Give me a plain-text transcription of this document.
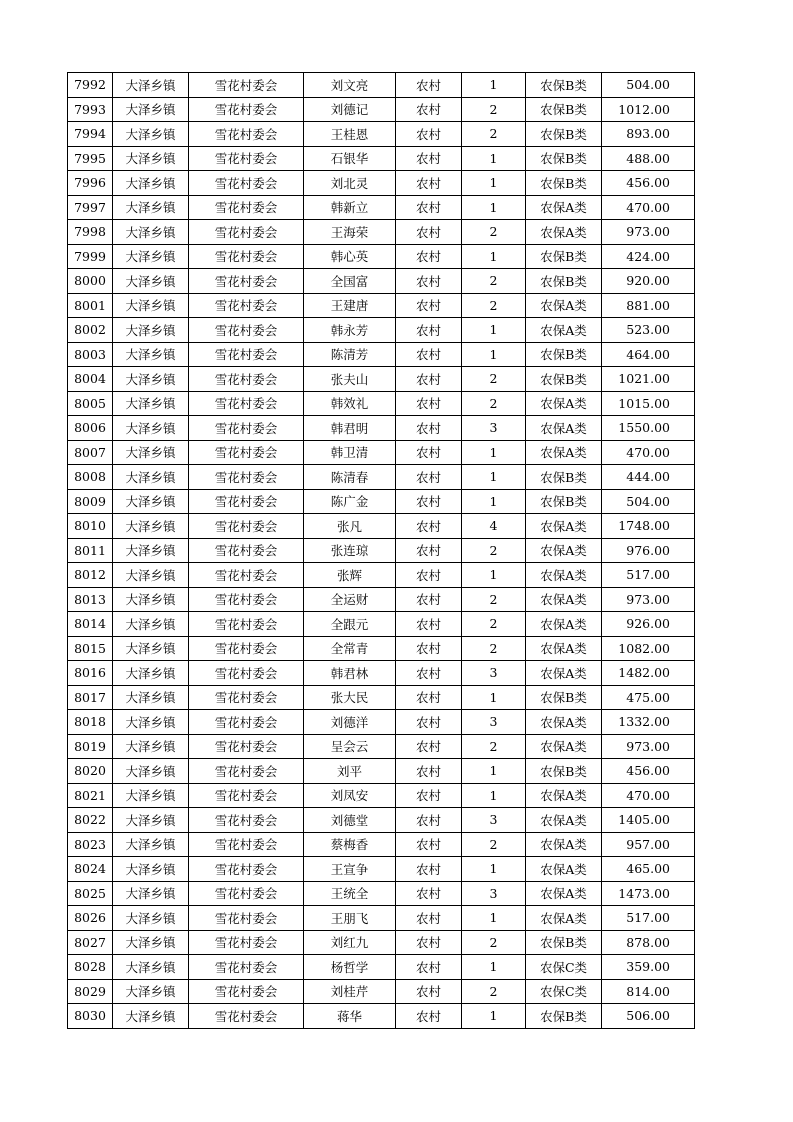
7992	大泽乡镇	雪花村委会	刘文亮	农村	1	农保B类	504.00
7993	大泽乡镇	雪花村委会	刘德记	农村	2	农保B类	1012.00
7994	大泽乡镇	雪花村委会	王桂恩	农村	2	农保B类	893.00
7995	大泽乡镇	雪花村委会	石银华	农村	1	农保B类	488.00
7996	大泽乡镇	雪花村委会	刘北灵	农村	1	农保B类	456.00
7997	大泽乡镇	雪花村委会	韩新立	农村	1	农保A类	470.00
7998	大泽乡镇	雪花村委会	王海荣	农村	2	农保A类	973.00
7999	大泽乡镇	雪花村委会	韩心英	农村	1	农保B类	424.00
8000	大泽乡镇	雪花村委会	全国富	农村	2	农保B类	920.00
8001	大泽乡镇	雪花村委会	王建唐	农村	2	农保A类	881.00
8002	大泽乡镇	雪花村委会	韩永芳	农村	1	农保A类	523.00
8003	大泽乡镇	雪花村委会	陈清芳	农村	1	农保B类	464.00
8004	大泽乡镇	雪花村委会	张夫山	农村	2	农保B类	1021.00
8005	大泽乡镇	雪花村委会	韩效礼	农村	2	农保A类	1015.00
8006	大泽乡镇	雪花村委会	韩君明	农村	3	农保A类	1550.00
8007	大泽乡镇	雪花村委会	韩卫清	农村	1	农保A类	470.00
8008	大泽乡镇	雪花村委会	陈清春	农村	1	农保B类	444.00
8009	大泽乡镇	雪花村委会	陈广金	农村	1	农保B类	504.00
8010	大泽乡镇	雪花村委会	张凡	农村	4	农保A类	1748.00
8011	大泽乡镇	雪花村委会	张连琼	农村	2	农保A类	976.00
8012	大泽乡镇	雪花村委会	张辉	农村	1	农保A类	517.00
8013	大泽乡镇	雪花村委会	全运财	农村	2	农保A类	973.00
8014	大泽乡镇	雪花村委会	全跟元	农村	2	农保A类	926.00
8015	大泽乡镇	雪花村委会	全常青	农村	2	农保A类	1082.00
8016	大泽乡镇	雪花村委会	韩君林	农村	3	农保A类	1482.00
8017	大泽乡镇	雪花村委会	张大民	农村	1	农保B类	475.00
8018	大泽乡镇	雪花村委会	刘德洋	农村	3	农保A类	1332.00
8019	大泽乡镇	雪花村委会	呈会云	农村	2	农保A类	973.00
8020	大泽乡镇	雪花村委会	刘平	农村	1	农保B类	456.00
8021	大泽乡镇	雪花村委会	刘凤安	农村	1	农保A类	470.00
8022	大泽乡镇	雪花村委会	刘德堂	农村	3	农保A类	1405.00
8023	大泽乡镇	雪花村委会	蔡梅香	农村	2	农保A类	957.00
8024	大泽乡镇	雪花村委会	王宣争	农村	1	农保A类	465.00
8025	大泽乡镇	雪花村委会	王统全	农村	3	农保A类	1473.00
8026	大泽乡镇	雪花村委会	王朋飞	农村	1	农保A类	517.00
8027	大泽乡镇	雪花村委会	刘红九	农村	2	农保B类	878.00
8028	大泽乡镇	雪花村委会	杨哲学	农村	1	农保C类	359.00
8029	大泽乡镇	雪花村委会	刘桂芹	农村	2	农保C类	814.00
8030	大泽乡镇	雪花村委会	蒋华	农村	1	农保B类	506.00
